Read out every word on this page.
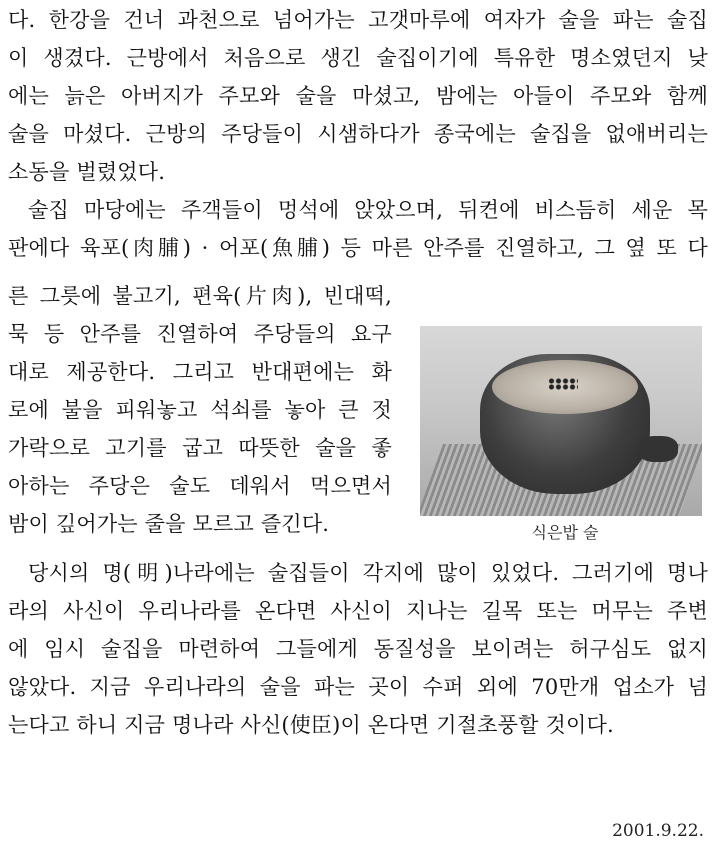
다. 한강을 건너 과천으로 넘어가는 고갯마루에 여자가 술을 파는 술집

이 생겼다. 근방에서 처음으로 생긴 술집이기에 특유한 명소였던지 낮

에는 늙은 아버지가 주모와 술을 마셨고, 밤에는 아들이 주모와 함께

술을 마셨다. 근방의 주당들이 시샘하다가 종국에는 술집을 없애버리는

소동을 벌렸었다.

술집 마당에는 주객들이 멍석에 앉았으며, 뒤켠에 비스듬히 세운 목

판에다 육포(肉脯) · 어포(魚脯) 등 마른 안주를 진열하고, 그 옆 또 다

른 그릇에 불고기, 편육(片肉), 빈대떡,

묵 등 안주를 진열하여 주당들의 요구

대로 제공한다. 그리고 반대편에는 화

로에 불을 피워놓고 석쇠를 놓아 큰 젓

가락으로 고기를 굽고 따뜻한 술을 좋

아하는 주당은 술도 데워서 먹으면서

밤이 깊어가는 줄을 모르고 즐긴다.	식은밥 술

당시의 명(明)나라에는 술집들이 각지에 많이 있었다. 그러기에 명나

라의 사신이 우리나라를 온다면 사신이 지나는 길목 또는 머무는 주변

에 임시 술집을 마련하여 그들에게 동질성을 보이려는 허구심도 없지

않았다. 지금 우리나라의 술을 파는 곳이 수퍼 외에 70만개 업소가 넘

는다고 하니 지금 명나라 사신(使臣)이 온다면 기절초풍할 것이다.

2001.9.22.
